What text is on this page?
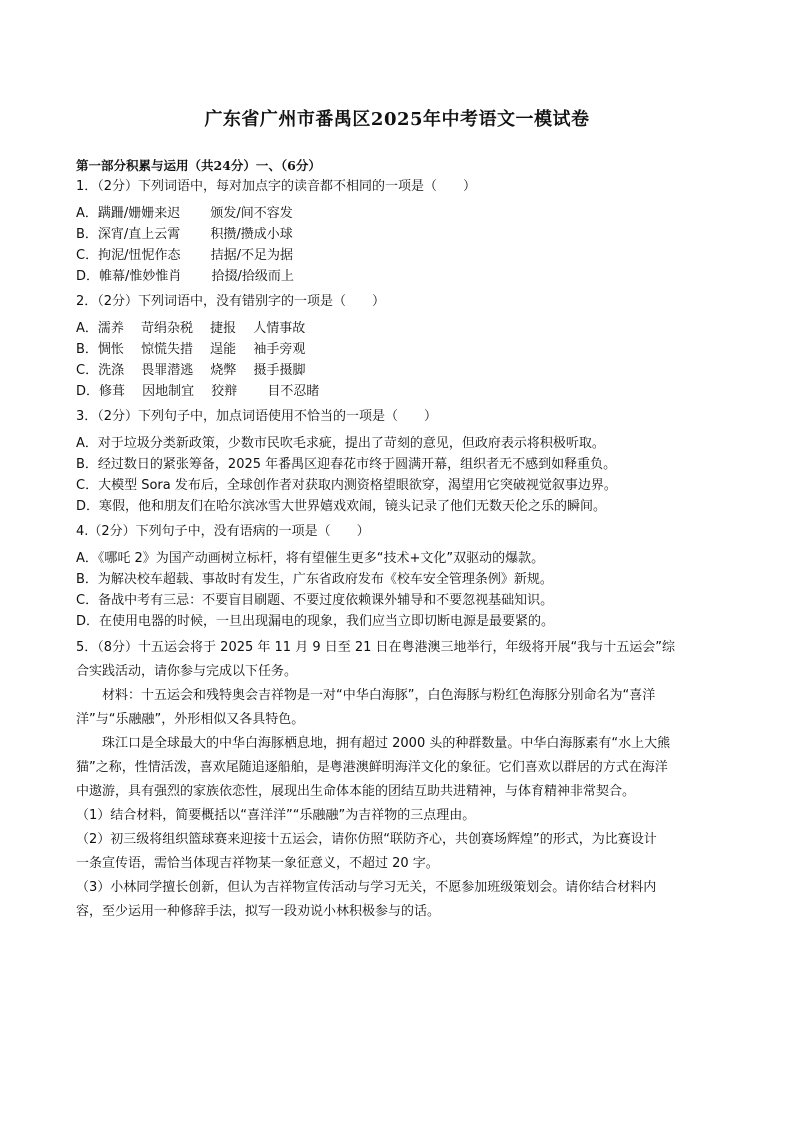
广东省广州市番禺区2025年中考语文一模试卷
第一部分积累与运用（共24分）一、（6分）
1．（2分）下列词语中，每对加点字的读音都不相同的一项是（　　）
A．蹒跚/姗姗来迟　　 颁发/间不容发
B．深宵/直上云霄　　 积攒/攒成小球
C．拘泥/忸怩作态　　 拮据/不足为据
D．帷幕/惟妙惟肖　　 拾掇/拾级而上
2．（2分）下列词语中，没有错别字的一项是（　　）
A．濡养　 苛绢杂税　 捷报　 人情事故
B．惆怅　 惊慌失措　 逞能　 袖手旁观
C．洗涤　 畏罪潜逃　 烧弊　 摄手摄脚
D．修葺　 因地制宜　 狡辩　　 目不忍睹
3．（2分）下列句子中，加点词语使用不恰当的一项是（　　）
A．对于垃圾分类新政策，少数市民吹毛求疵，提出了苛刻的意见，但政府表示将积极听取。
B．经过数日的紧张筹备，2025 年番禺区迎春花市终于圆满开幕，组织者无不感到如释重负。
C．大模型 Sora 发布后，全球创作者对获取内测资格望眼欲穿，渴望用它突破视觉叙事边界。
D．寒假，他和朋友们在哈尔滨冰雪大世界嬉戏欢闹，镜头记录了他们无数天伦之乐的瞬间。
4.（2分）下列句子中，没有语病的一项是（　　）
A．《哪吒 2》为国产动画树立标杆，将有望催生更多“技术+文化”双驱动的爆款。
B．为解决校车超载、事故时有发生，广东省政府发布《校车安全管理条例》新规。
C．备战中考有三忌：不要盲目刷题、不要过度依赖课外辅导和不要忽视基础知识。
D．在使用电器的时候，一旦出现漏电的现象，我们应当立即切断电源是最要紧的。
5．（8分）十五运会将于 2025 年 11 月 9 日至 21 日在粤港澳三地举行，年级将开展“我与十五运会”综
合实践活动，请你参与完成以下任务。
材料：十五运会和残特奥会吉祥物是一对“中华白海豚”，白色海豚与粉红色海豚分别命名为“喜洋
洋”与“乐融融”，外形相似又各具特色。
珠江口是全球最大的中华白海豚栖息地，拥有超过 2000 头的种群数量。中华白海豚素有“水上大熊
猫”之称，性情活泼，喜欢尾随追逐船舶，是粤港澳鲜明海洋文化的象征。它们喜欢以群居的方式在海洋
中遨游，具有强烈的家族依恋性，展现出生命体本能的团结互助共进精神，与体育精神非常契合。
（1）结合材料，简要概括以“喜洋洋”“乐融融”为吉祥物的三点理由。
（2）初三级将组织篮球赛来迎接十五运会，请你仿照“联防齐心，共创赛场辉煌”的形式，为比赛设计
一条宣传语，需恰当体现吉祥物某一象征意义，不超过 20 字。
（3）小林同学擅长创新，但认为吉祥物宣传活动与学习无关，不愿参加班级策划会。请你结合材料内
容，至少运用一种修辞手法，拟写一段劝说小林积极参与的话。
